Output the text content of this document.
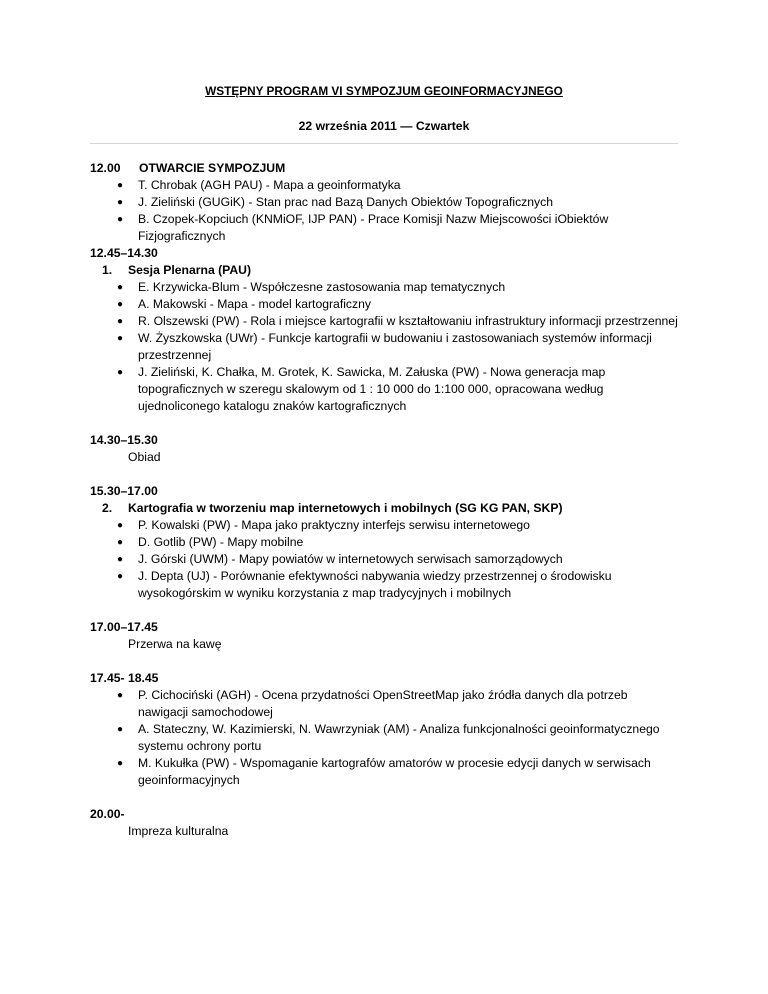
WSTĘPNY PROGRAM VI SYMPOZJUM GEOINFORMACYJNEGO
22 września 2011 — Czwartek
12.00 OTWARCIE SYMPOZJUM
● T. Chrobak (AGH PAU) - Mapa a geoinformatyka
● J. Zieliński (GUGiK) - Stan prac nad Bazą Danych Obiektów Topograficznych
● B. Czopek-Kopciuch (KNMiOF, IJP PAN) - Prace Komisji Nazw Miejscowości iObiektów Fizjograficznych
12.45–14.30
1. Sesja Plenarna (PAU)
● E. Krzywicka-Blum - Współczesne zastosowania map tematycznych
● A. Makowski - Mapa - model kartograficzny
● R. Olszewski (PW) - Rola i miejsce kartografii w kształtowaniu infrastruktury informacji przestrzennej
● W. Żyszkowska (UWr) - Funkcje kartografii w budowaniu i zastosowaniach systemów informacji przestrzennej
● J. Zieliński, K. Chałka, M. Grotek, K. Sawicka, M. Załuska (PW) - Nowa generacja map topograficznych w szeregu skalowym od 1 : 10 000 do 1:100 000, opracowana według ujednoliconego katalogu znaków kartograficznych
14.30–15.30
Obiad
15.30–17.00
2. Kartografia w tworzeniu map internetowych i mobilnych (SG KG PAN, SKP)
● P. Kowalski (PW) - Mapa jako praktyczny interfejs serwisu internetowego
● D. Gotlib (PW) - Mapy mobilne
● J. Górski (UWM) - Mapy powiatów w internetowych serwisach samorządowych
● J. Depta (UJ) - Porównanie efektywności nabywania wiedzy przestrzennej o środowisku wysokogórskim w wyniku korzystania z map tradycyjnych i mobilnych
17.00–17.45
Przerwa na kawę
17.45- 18.45
● P. Cichociński (AGH) - Ocena przydatności OpenStreetMap jako źródła danych dla potrzeb nawigacji samochodowej
● A. Stateczny, W. Kazimierski, N. Wawrzyniak (AM) - Analiza funkcjonalności geoinformatycznego systemu ochrony portu
● M. Kukułka (PW) - Wspomaganie kartografów amatorów w procesie edycji danych w serwisach geoinformacyjnych
20.00-
Impreza kulturalna
